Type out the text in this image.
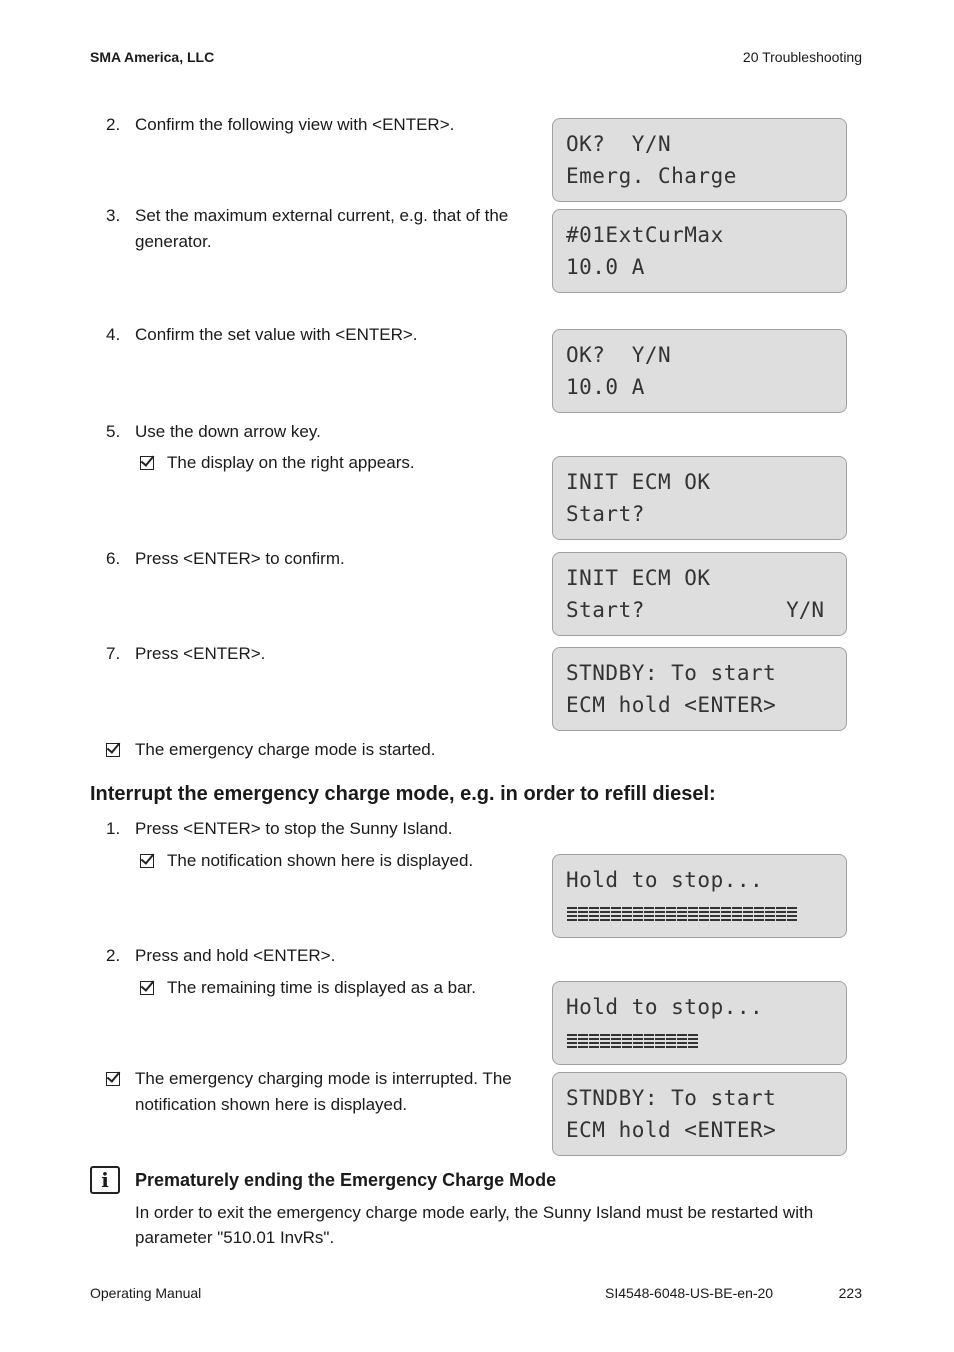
SMA America, LLC	20 Troubleshooting
2. Confirm the following view with <ENTER>.
3. Set the maximum external current, e.g. that of the generator.
4. Confirm the set value with <ENTER>.
5. Use the down arrow key.
The display on the right appears.
6. Press <ENTER> to confirm.
7. Press <ENTER>.
The emergency charge mode is started.
OK?  Y/N
Emerg. Charge
#01ExtCurMax
10.0 A
OK?  Y/N
10.0 A
INIT ECM OK
Start?
INIT ECM OK
Start?	Y/N
STNDBY: To start
ECM hold <ENTER>
Interrupt the emergency charge mode, e.g. in order to refill diesel:
1. Press <ENTER> to stop the Sunny Island.
The notification shown here is displayed.
2. Press and hold <ENTER>.
The remaining time is displayed as a bar.
The emergency charging mode is interrupted. The notification shown here is displayed.
Hold to stop...
Hold to stop...
STNDBY: To start
ECM hold <ENTER>
i	Prematurely ending the Emergency Charge Mode
In order to exit the emergency charge mode early, the Sunny Island must be restarted with parameter "510.01 InvRs".
Operating Manual	SI4548-6048-US-BE-en-20	223
